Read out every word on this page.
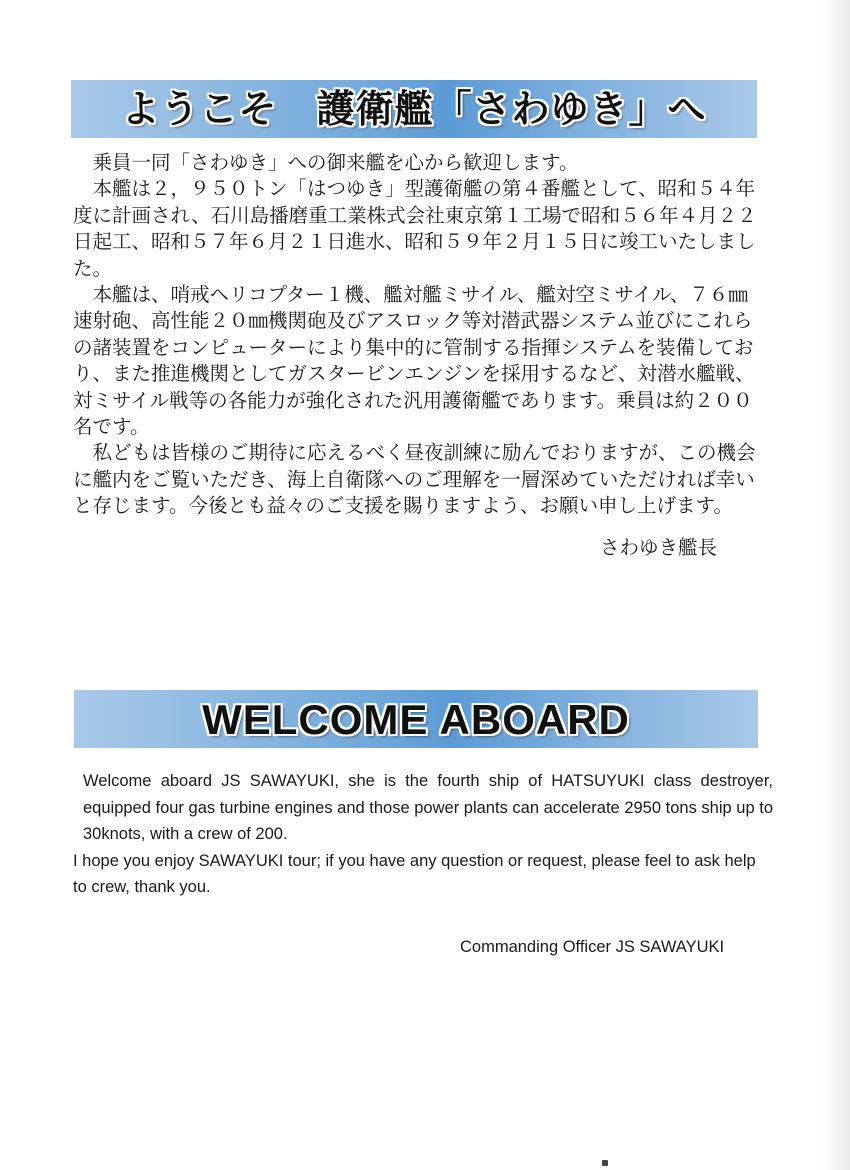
ようこそ　護衛艦「さわゆき」へ

乗員一同「さわゆき」への御来艦を心から歓迎します。

本艦は２，９５０トン「はつゆき」型護衛艦の第４番艦として、昭和５４年度に計画され、石川島播磨重工業株式会社東京第１工場で昭和５６年４月２２日起工、昭和５７年６月２１日進水、昭和５９年２月１５日に竣工いたしました。

本艦は、哨戒ヘリコプター１機、艦対艦ミサイル、艦対空ミサイル、７６㎜速射砲、高性能２０㎜機関砲及びアスロック等対潜武器システム並びにこれらの諸装置をコンピューターにより集中的に管制する指揮システムを装備しており、また推進機関としてガスタービンエンジンを採用するなど、対潜水艦戦、対ミサイル戦等の各能力が強化された汎用護衛艦であります。乗員は約２００名です。

私どもは皆様のご期待に応えるべく昼夜訓練に励んでおりますが、この機会に艦内をご覧いただき、海上自衛隊へのご理解を一層深めていただければ幸いと存じます。今後とも益々のご支援を賜りますよう、お願い申し上げます。

さわゆき艦長
WELCOME ABOARD

Welcome aboard JS SAWAYUKI, she is the fourth ship of HATSUYUKI class destroyer, equipped four gas turbine engines and those power plants can accelerate 2950 tons ship up to 30knots, with a crew of 200.

I hope you enjoy SAWAYUKI tour; if you have any question or request, please feel to ask help to crew, thank you.

Commanding Officer JS SAWAYUKI
